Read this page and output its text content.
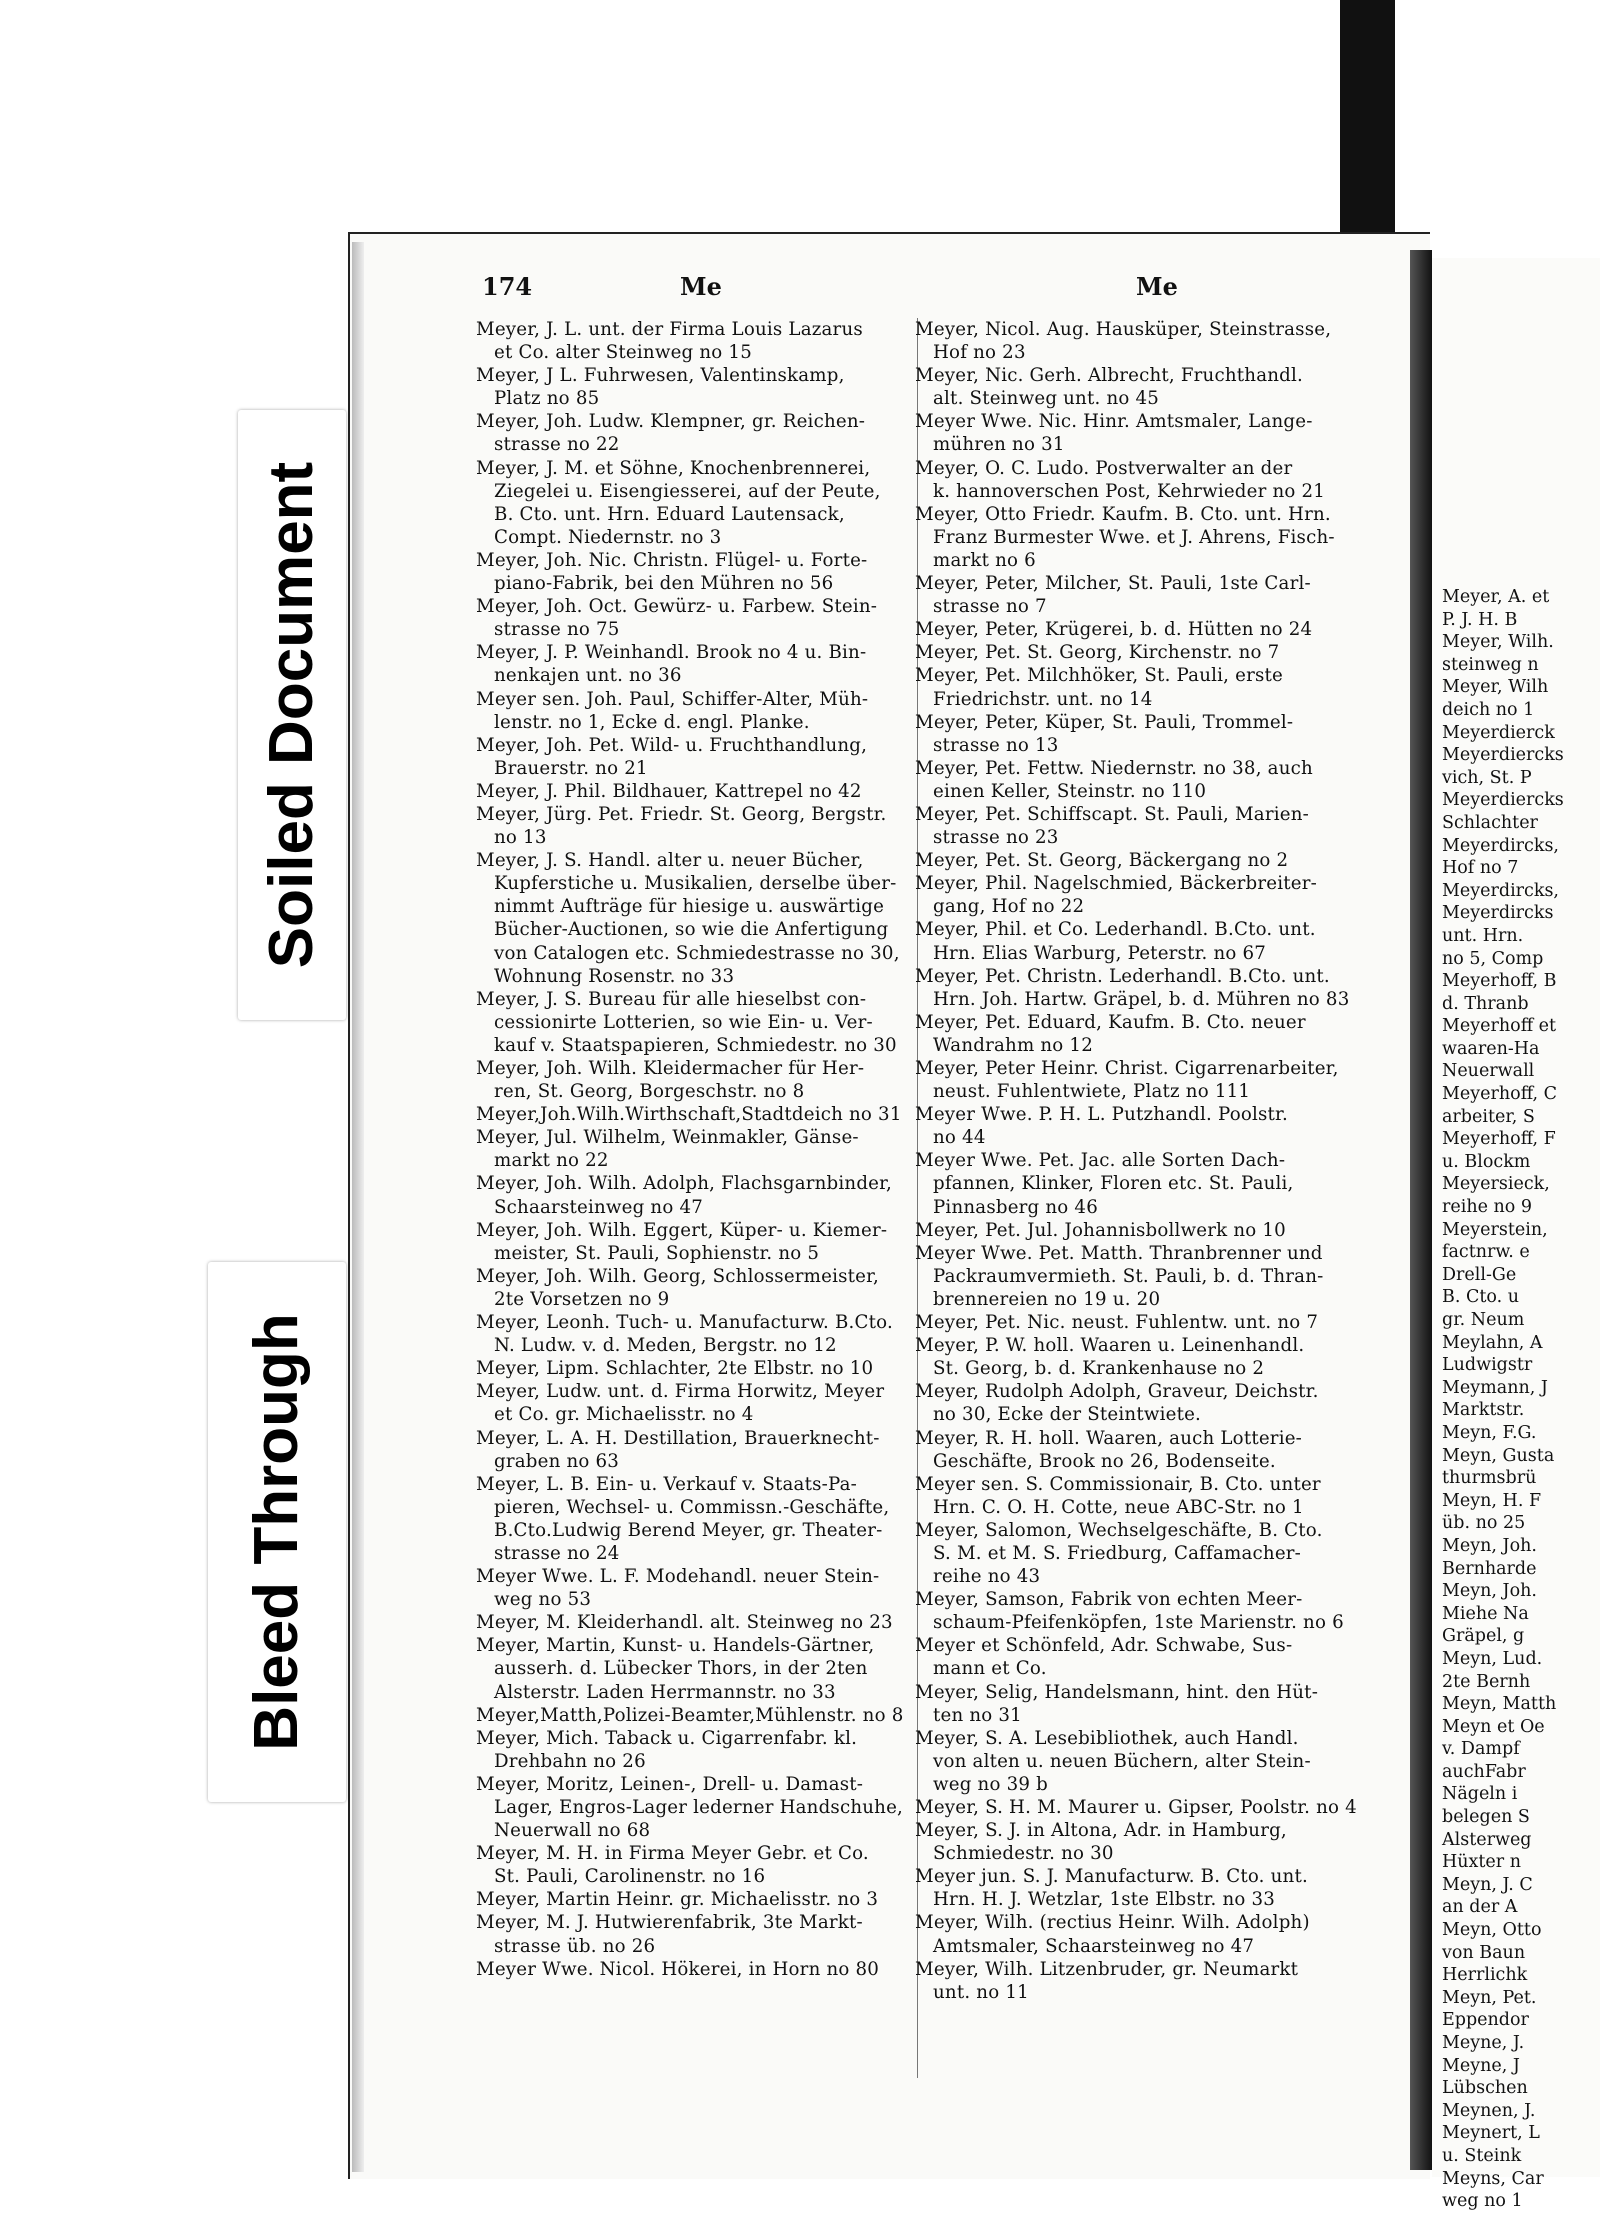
Meyer, A. et
P. J. H. B
Meyer, Wilh.
steinweg n
Meyer, Wilh
deich no 1
Meyerdierck
Meyerdiercks
vich, St. P
Meyerdiercks
Schlachter
Meyerdircks,
Hof no 7
Meyerdircks,
Meyerdircks
unt. Hrn.
no 5, Comp
Meyerhoff, B
d. Thranb
Meyerhoff et
waaren-Ha
Neuerwall
Meyerhoff, C
arbeiter, S
Meyerhoff, F
u. Blockm
Meyersieck,
reihe no 9
Meyerstein,
factnrw. e
Drell-Ge
B. Cto. u
gr. Neum
Meylahn, A
Ludwigstr
Meymann, J
Marktstr.
Meyn, F.G.
Meyn, Gusta
thurmsbrü
Meyn, H. F
üb. no 25
Meyn, Joh.
Bernharde
Meyn, Joh.
Miehe Na
Gräpel, g
Meyn, Lud.
2te Bernh
Meyn, Matth
Meyn et Oe
v. Dampf
auchFabr
Nägeln i
belegen S
Alsterweg
Hüxter n
Meyn, J. C
an der A
Meyn, Otto
von Baun
Herrlichk
Meyn, Pet.
Eppendor
Meyne, J.
Meyne, J
Lübschen
Meynen, J.
Meynert, L
u. Steink
Meyns, Car
weg no 1
Soiled Document
Bleed Through
174	Me	Me
Meyer, J. L. unt. der Firma Louis Lazarus
et Co. alter Steinweg no 15
Meyer, J L. Fuhrwesen, Valentinskamp,
Platz no 85
Meyer, Joh. Ludw. Klempner, gr. Reichen-
strasse no 22
Meyer, J. M. et Söhne, Knochenbrennerei,
Ziegelei u. Eisengiesserei, auf der Peute,
B. Cto. unt. Hrn. Eduard Lautensack,
Compt. Niedernstr. no 3
Meyer, Joh. Nic. Christn. Flügel- u. Forte-
piano-Fabrik, bei den Mühren no 56
Meyer, Joh. Oct. Gewürz- u. Farbew. Stein-
strasse no 75
Meyer, J. P. Weinhandl. Brook no 4 u. Bin-
nenkajen unt. no 36
Meyer sen. Joh. Paul, Schiffer-Alter, Müh-
lenstr. no 1, Ecke d. engl. Planke.
Meyer, Joh. Pet. Wild- u. Fruchthandlung,
Brauerstr. no 21
Meyer, J. Phil. Bildhauer, Kattrepel no 42
Meyer, Jürg. Pet. Friedr. St. Georg, Bergstr.
no 13
Meyer, J. S. Handl. alter u. neuer Bücher,
Kupferstiche u. Musikalien, derselbe über-
nimmt Aufträge für hiesige u. auswärtige
Bücher-Auctionen, so wie die Anfertigung
von Catalogen etc. Schmiedestrasse no 30,
Wohnung Rosenstr. no 33
Meyer, J. S. Bureau für alle hieselbst con-
cessionirte Lotterien, so wie Ein- u. Ver-
kauf v. Staatspapieren, Schmiedestr. no 30
Meyer, Joh. Wilh. Kleidermacher für Her-
ren, St. Georg, Borgeschstr. no 8
Meyer,Joh.Wilh.Wirthschaft,Stadtdeich no 31
Meyer, Jul. Wilhelm, Weinmakler, Gänse-
markt no 22
Meyer, Joh. Wilh. Adolph, Flachsgarnbinder,
Schaarsteinweg no 47
Meyer, Joh. Wilh. Eggert, Küper- u. Kiemer-
meister, St. Pauli, Sophienstr. no 5
Meyer, Joh. Wilh. Georg, Schlossermeister,
2te Vorsetzen no 9
Meyer, Leonh. Tuch- u. Manufacturw. B.Cto.
N. Ludw. v. d. Meden, Bergstr. no 12
Meyer, Lipm. Schlachter, 2te Elbstr. no 10
Meyer, Ludw. unt. d. Firma Horwitz, Meyer
et Co. gr. Michaelisstr. no 4
Meyer, L. A. H. Destillation, Brauerknecht-
graben no 63
Meyer, L. B. Ein- u. Verkauf v. Staats-Pa-
pieren, Wechsel- u. Commissn.-Geschäfte,
B.Cto.Ludwig Berend Meyer, gr. Theater-
strasse no 24
Meyer Wwe. L. F. Modehandl. neuer Stein-
weg no 53
Meyer, M. Kleiderhandl. alt. Steinweg no 23
Meyer, Martin, Kunst- u. Handels-Gärtner,
ausserh. d. Lübecker Thors, in der 2ten
Alsterstr. Laden Herrmannstr. no 33
Meyer,Matth,Polizei-Beamter,Mühlenstr. no 8
Meyer, Mich. Taback u. Cigarrenfabr. kl.
Drehbahn no 26
Meyer, Moritz, Leinen-, Drell- u. Damast-
Lager, Engros-Lager lederner Handschuhe,
Neuerwall no 68
Meyer, M. H. in Firma Meyer Gebr. et Co.
St. Pauli, Carolinenstr. no 16
Meyer, Martin Heinr. gr. Michaelisstr. no 3
Meyer, M. J. Hutwierenfabrik, 3te Markt-
strasse üb. no 26
Meyer Wwe. Nicol. Hökerei, in Horn no 80
Meyer, Nicol. Aug. Hausküper, Steinstrasse,
Hof no 23
Meyer, Nic. Gerh. Albrecht, Fruchthandl.
alt. Steinweg unt. no 45
Meyer Wwe. Nic. Hinr. Amtsmaler, Lange-
mühren no 31
Meyer, O. C. Ludo. Postverwalter an der
k. hannoverschen Post, Kehrwieder no 21
Meyer, Otto Friedr. Kaufm. B. Cto. unt. Hrn.
Franz Burmester Wwe. et J. Ahrens, Fisch-
markt no 6
Meyer, Peter, Milcher, St. Pauli, 1ste Carl-
strasse no 7
Meyer, Peter, Krügerei, b. d. Hütten no 24
Meyer, Pet. St. Georg, Kirchenstr. no 7
Meyer, Pet. Milchhöker, St. Pauli, erste
Friedrichstr. unt. no 14
Meyer, Peter, Küper, St. Pauli, Trommel-
strasse no 13
Meyer, Pet. Fettw. Niedernstr. no 38, auch
einen Keller, Steinstr. no 110
Meyer, Pet. Schiffscapt. St. Pauli, Marien-
strasse no 23
Meyer, Pet. St. Georg, Bäckergang no 2
Meyer, Phil. Nagelschmied, Bäckerbreiter-
gang, Hof no 22
Meyer, Phil. et Co. Lederhandl. B.Cto. unt.
Hrn. Elias Warburg, Peterstr. no 67
Meyer, Pet. Christn. Lederhandl. B.Cto. unt.
Hrn. Joh. Hartw. Gräpel, b. d. Mühren no 83
Meyer, Pet. Eduard, Kaufm. B. Cto. neuer
Wandrahm no 12
Meyer, Peter Heinr. Christ. Cigarrenarbeiter,
neust. Fuhlentwiete, Platz no 111
Meyer Wwe. P. H. L. Putzhandl. Poolstr.
no 44
Meyer Wwe. Pet. Jac. alle Sorten Dach-
pfannen, Klinker, Floren etc. St. Pauli,
Pinnasberg no 46
Meyer, Pet. Jul. Johannisbollwerk no 10
Meyer Wwe. Pet. Matth. Thranbrenner und
Packraumvermieth. St. Pauli, b. d. Thran-
brennereien no 19 u. 20
Meyer, Pet. Nic. neust. Fuhlentw. unt. no 7
Meyer, P. W. holl. Waaren u. Leinenhandl.
St. Georg, b. d. Krankenhause no 2
Meyer, Rudolph Adolph, Graveur, Deichstr.
no 30, Ecke der Steintwiete.
Meyer, R. H. holl. Waaren, auch Lotterie-
Geschäfte, Brook no 26, Bodenseite.
Meyer sen. S. Commissionair, B. Cto. unter
Hrn. C. O. H. Cotte, neue ABC-Str. no 1
Meyer, Salomon, Wechselgeschäfte, B. Cto.
S. M. et M. S. Friedburg, Caffamacher-
reihe no 43
Meyer, Samson, Fabrik von echten Meer-
schaum-Pfeifenköpfen, 1ste Marienstr. no 6
Meyer et Schönfeld, Adr. Schwabe, Sus-
mann et Co.
Meyer, Selig, Handelsmann, hint. den Hüt-
ten no 31
Meyer, S. A. Lesebibliothek, auch Handl.
von alten u. neuen Büchern, alter Stein-
weg no 39 b
Meyer, S. H. M. Maurer u. Gipser, Poolstr. no 4
Meyer, S. J. in Altona, Adr. in Hamburg,
Schmiedestr. no 30
Meyer jun. S. J. Manufacturw. B. Cto. unt.
Hrn. H. J. Wetzlar, 1ste Elbstr. no 33
Meyer, Wilh. (rectius Heinr. Wilh. Adolph)
Amtsmaler, Schaarsteinweg no 47
Meyer, Wilh. Litzenbruder, gr. Neumarkt
unt. no 11
